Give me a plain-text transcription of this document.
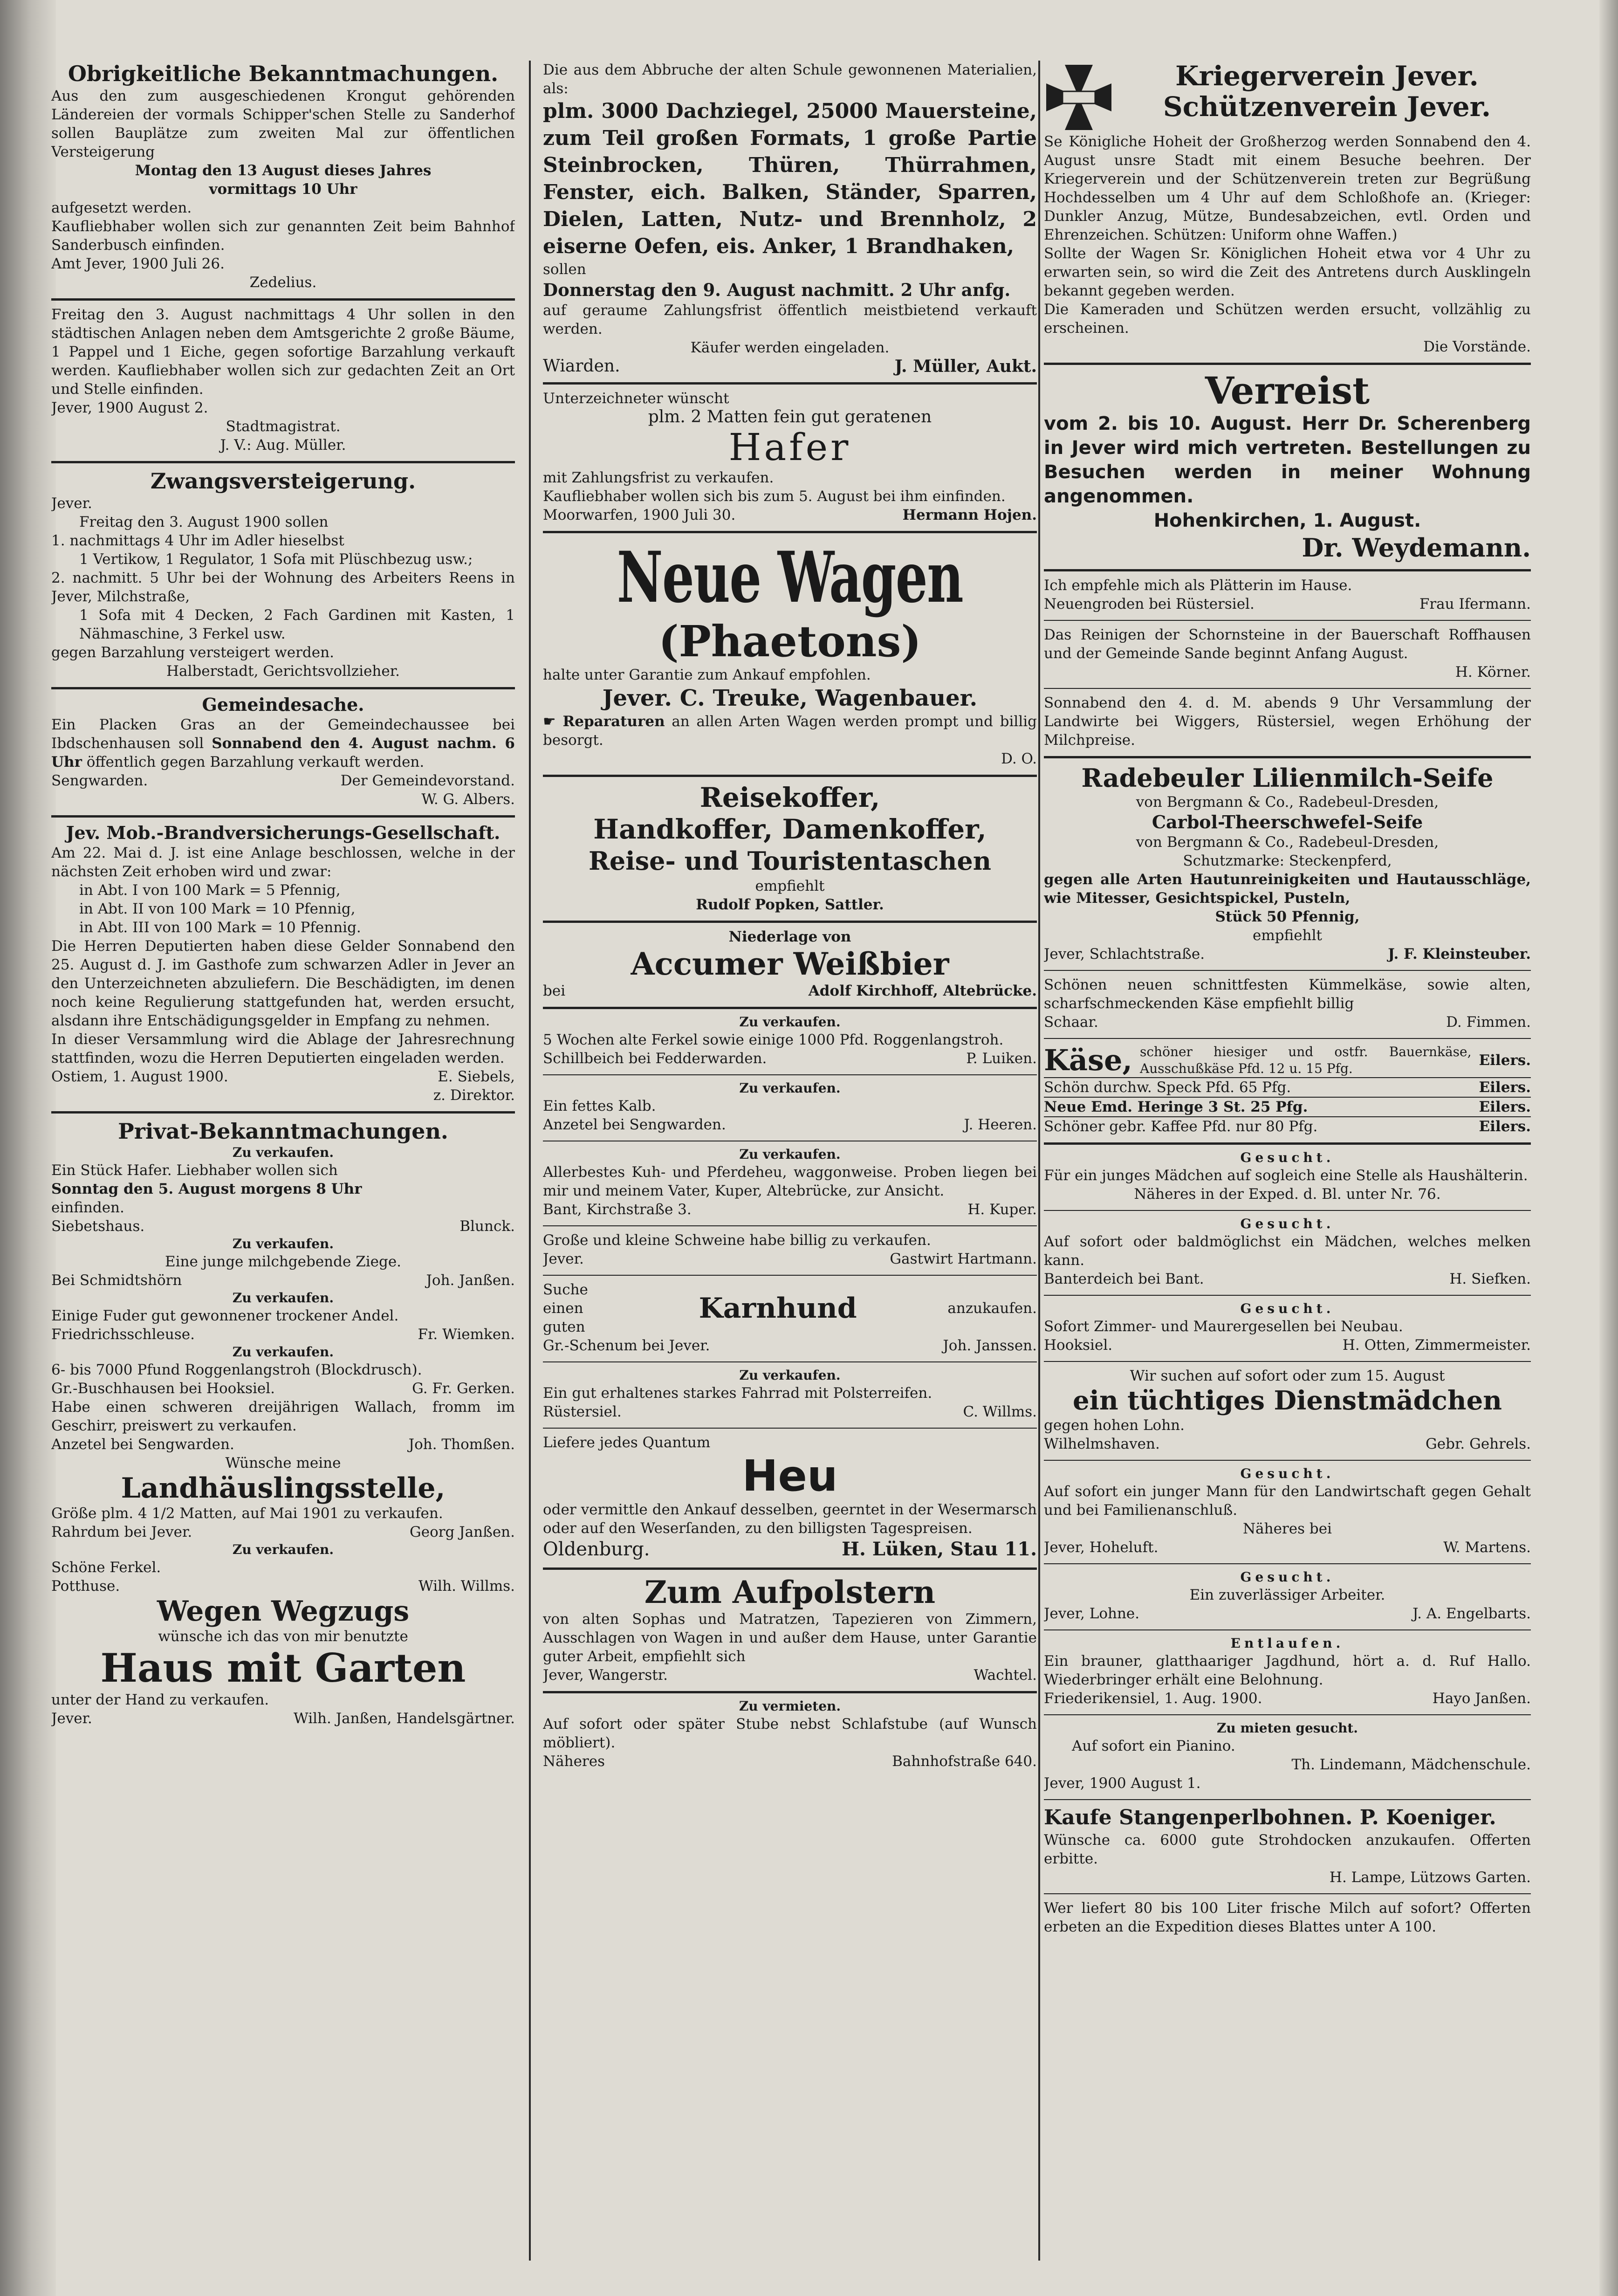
Obrigkeitliche Bekanntmachungen.

Aus den zum ausgeschiedenen Krongut gehörenden Ländereien der vormals Schipper'schen Stelle zu Sanderhof sollen Bauplätze zum zweiten Mal zur öffentlichen Versteigerung

Montag den 13 August dieses Jahres

vormittags 10 Uhr

aufgesetzt werden.

Kaufliebhaber wollen sich zur genannten Zeit beim Bahnhof Sanderbusch einfinden.

Amt Jever, 1900 Juli 26.

Zedelius.

Freitag den 3. August nachmittags 4 Uhr sollen in den städtischen Anlagen neben dem Amtsgerichte 2 große Bäume, 1 Pappel und 1 Eiche, gegen sofortige Barzahlung verkauft werden. Kaufliebhaber wollen sich zur gedachten Zeit an Ort und Stelle einfinden.

Jever, 1900 August 2.

Stadtmagistrat.

J. V.: Aug. Müller.

Zwangsversteigerung.

Jever.

Freitag den 3. August 1900 sollen

1. nachmittags 4 Uhr im Adler hieselbst

1 Vertikow, 1 Regulator, 1 Sofa mit Plüschbezug usw.;

2. nachmitt. 5 Uhr bei der Wohnung des Arbeiters Reens in Jever, Milchstraße,

1 Sofa mit 4 Decken, 2 Fach Gardinen mit Kasten, 1 Nähmaschine, 3 Ferkel usw.

gegen Barzahlung versteigert werden.

Halberstadt, Gerichtsvollzieher.

Gemeindesache.

Ein Placken Gras an der Gemeindechaussee bei Ibdschenhausen soll Sonnabend den 4. August nachm. 6 Uhr öffentlich gegen Barzahlung verkauft werden.

Sengwarden.	Der Gemeindevorstand.

W. G. Albers.

Jev. Mob.-Brandversicherungs-Gesellschaft.

Am 22. Mai d. J. ist eine Anlage beschlossen, welche in der nächsten Zeit erhoben wird und zwar:

in Abt. I von 100 Mark = 5 Pfennig,

in Abt. II von 100 Mark = 10 Pfennig,

in Abt. III von 100 Mark = 10 Pfennig.

Die Herren Deputierten haben diese Gelder Sonnabend den 25. August d. J. im Gasthofe zum schwarzen Adler in Jever an den Unterzeichneten abzuliefern. Die Beschädigten, im denen noch keine Regulierung stattgefunden hat, werden ersucht, alsdann ihre Entschädigungsgelder in Empfang zu nehmen.

In dieser Versammlung wird die Ablage der Jahresrechnung stattfinden, wozu die Herren Deputierten eingeladen werden.

Ostiem, 1. August 1900.	E. Siebels,

z. Direktor.

Privat-Bekanntmachungen.

Zu verkaufen.

Ein Stück Hafer. Liebhaber wollen sich

Sonntag den 5. August morgens 8 Uhr

einfinden.

Siebetshaus.	Blunck.

Zu verkaufen.

Eine junge milchgebende Ziege.

Bei Schmidtshörn	Joh. Janßen.

Zu verkaufen.

Einige Fuder gut gewonnener trockener Andel.

Friedrichsschleuse.	Fr. Wiemken.

Zu verkaufen.

6- bis 7000 Pfund Roggenlangstroh (Blockdrusch).

Gr.-Buschhausen bei Hooksiel.	G. Fr. Gerken.

Habe einen schweren dreijährigen Wallach, fromm im Geschirr, preiswert zu verkaufen.

Anzetel bei Sengwarden.	Joh. Thomßen.

Wünsche meine

Landhäuslingsstelle,

Größe plm. 4 1/2 Matten, auf Mai 1901 zu verkaufen.

Rahrdum bei Jever.	Georg Janßen.

Zu verkaufen.

Schöne Ferkel.

Potthuse.	Wilh. Willms.

Wegen Wegzugs

wünsche ich das von mir benutzte

Haus mit Garten

unter der Hand zu verkaufen.

Jever.	Wilh. Janßen, Handelsgärtner.

Die aus dem Abbruche der alten Schule gewonnenen Materialien, als:

plm. 3000 Dachziegel, 25000 Mauersteine, zum Teil großen Formats, 1 große Partie Steinbrocken, Thüren, Thürrahmen, Fenster, eich. Balken, Ständer, Sparren, Dielen, Latten, Nutz- und Brennholz, 2 eiserne Oefen, eis. Anker, 1 Brandhaken,

sollen

Donnerstag den 9. August nachmitt. 2 Uhr anfg.

auf geraume Zahlungsfrist öffentlich meistbietend verkauft werden.

Käufer werden eingeladen.

Wiarden.	J. Müller, Aukt.

Unterzeichneter wünscht

plm. 2 Matten fein gut geratenen

Hafer

mit Zahlungsfrist zu verkaufen.

Kaufliebhaber wollen sich bis zum 5. August bei ihm einfinden.

Moorwarfen, 1900 Juli 30.	Hermann Hojen.

Neue Wagen

(Phaetons)

halte unter Garantie zum Ankauf empfohlen.

Jever. C. Treuke, Wagenbauer.

☛ Reparaturen an allen Arten Wagen werden prompt und billig besorgt.

D. O.

Reisekoffer,

Handkoffer, Damenkoffer,

Reise- und Touristentaschen

empfiehlt

Rudolf Popken, Sattler.

Niederlage von

Accumer Weißbier

bei	Adolf Kirchhoff, Altebrücke.

Zu verkaufen.

5 Wochen alte Ferkel sowie einige 1000 Pfd. Roggenlangstroh.

Schillbeich bei Fedderwarden.	P. Luiken.

Zu verkaufen.

Ein fettes Kalb.

Anzetel bei Sengwarden.	J. Heeren.

Zu verkaufen.

Allerbestes Kuh- und Pferdeheu, waggonweise. Proben liegen bei mir und meinem Vater, Kuper, Altebrücke, zur Ansicht.

Bant, Kirchstraße 3.	H. Kuper.

Große und kleine Schweine habe billig zu verkaufen.

Jever.	Gastwirt Hartmann.
Suche einen guten
Karnhund	anzukaufen.
Gr.-Schenum bei Jever.	Joh. Janssen.

Zu verkaufen.

Ein gut erhaltenes starkes Fahrrad mit Polsterreifen.

Rüstersiel.	C. Willms.

Liefere jedes Quantum

Heu

oder vermittle den Ankauf desselben, geerntet in der Wesermarsch oder auf den Weserſanden, zu den billigsten Tagespreisen.

Oldenburg.	H. Lüken, Stau 11.

Zum Aufpolstern

von alten Sophas und Matratzen, Tapezieren von Zimmern, Ausschlagen von Wagen in und außer dem Hause, unter Garantie guter Arbeit, empfiehlt sich

Jever, Wangerstr.	Wachtel.

Zu vermieten.

Auf sofort oder später Stube nebst Schlafstube (auf Wunsch möbliert).

Näheres	Bahnhofstraße 640.

Kriegerverein Jever.

Schützenverein Jever.

Se Königliche Hoheit der Großherzog werden Sonnabend den 4. August unsre Stadt mit einem Besuche beehren. Der Kriegerverein und der Schützenverein treten zur Begrüßung Hochdesselben um 4 Uhr auf dem Schloßhofe an. (Krieger: Dunkler Anzug, Mütze, Bundesabzeichen, evtl. Orden und Ehrenzeichen. Schützen: Uniform ohne Waffen.)

Sollte der Wagen Sr. Königlichen Hoheit etwa vor 4 Uhr zu erwarten sein, so wird die Zeit des Antretens durch Ausklingeln bekannt gegeben werden.

Die Kameraden und Schützen werden ersucht, vollzählig zu erscheinen.

Die Vorstände.

Verreist

vom 2. bis 10. August. Herr Dr. Scherenberg in Jever wird mich vertreten. Bestellungen zu Besuchen werden in meiner Wohnung angenommen.

Hohenkirchen, 1. August.

Dr. Weydemann.

Ich empfehle mich als Plätterin im Hause.

Neuengroden bei Rüstersiel.	Frau Ifermann.

Das Reinigen der Schornsteine in der Bauerschaft Roffhausen und der Gemeinde Sande beginnt Anfang August.

H. Körner.

Sonnabend den 4. d. M. abends 9 Uhr Versammlung der Landwirte bei Wiggers, Rüstersiel, wegen Erhöhung der Milchpreise.

Radebeuler Lilienmilch-Seife

von Bergmann & Co., Radebeul-Dresden,

Carbol-Theerschwefel-Seife

von Bergmann & Co., Radebeul-Dresden,

Schutzmarke: Steckenpferd,

gegen alle Arten Hautunreinigkeiten und Hautausschläge, wie Mitesser, Gesichtspickel, Pusteln,

Stück 50 Pfennig,

empfiehlt

Jever, Schlachtstraße.	J. F. Kleinsteuber.

Schönen neuen schnittfesten Kümmelkäse, sowie alten, scharfschmeckenden Käse empfiehlt billig

Schaar.	D. Fimmen.
Käse, schöner hiesiger und ostfr. Bauernkäse, Ausschußkäse Pfd. 12 u. 15 Pfg.	Eilers.
Schön durchw. Speck Pfd. 65 Pfg.	Eilers.
Neue Emd. Heringe 3 St. 25 Pfg.	Eilers.
Schöner gebr. Kaffee Pfd. nur 80 Pfg.	Eilers.

Gesucht.

Für ein junges Mädchen auf sogleich eine Stelle als Haushälterin.

Näheres in der Exped. d. Bl. unter Nr. 76.

Gesucht.

Auf sofort oder baldmöglichst ein Mädchen, welches melken kann.

Banterdeich bei Bant.	H. Siefken.

Gesucht.

Sofort Zimmer- und Maurergesellen bei Neubau.

Hooksiel.	H. Otten, Zimmermeister.

Wir suchen auf sofort oder zum 15. August

ein tüchtiges Dienstmädchen

gegen hohen Lohn.

Wilhelmshaven.	Gebr. Gehrels.

Gesucht.

Auf sofort ein junger Mann für den Landwirtschaft gegen Gehalt und bei Familienanschluß.

Näheres bei

Jever, Hoheluft.	W. Martens.

Gesucht.

Ein zuverlässiger Arbeiter.

Jever, Lohne.	J. A. Engelbarts.

Entlaufen.

Ein brauner, glatthaariger Jagdhund, hört a. d. Ruf Hallo. Wiederbringer erhält eine Belohnung.

Friederikensiel, 1. Aug. 1900.	Hayo Janßen.

Zu mieten gesucht.

Auf sofort ein Pianino.

Th. Lindemann, Mädchenschule.

Jever, 1900 August 1.

Kaufe Stangenperlbohnen. P. Koeniger.

Wünsche ca. 6000 gute Strohdocken anzukaufen. Offerten erbitte.

H. Lampe, Lützows Garten.

Wer liefert 80 bis 100 Liter frische Milch auf sofort? Offerten erbeten an die Expedition dieses Blattes unter A 100.
